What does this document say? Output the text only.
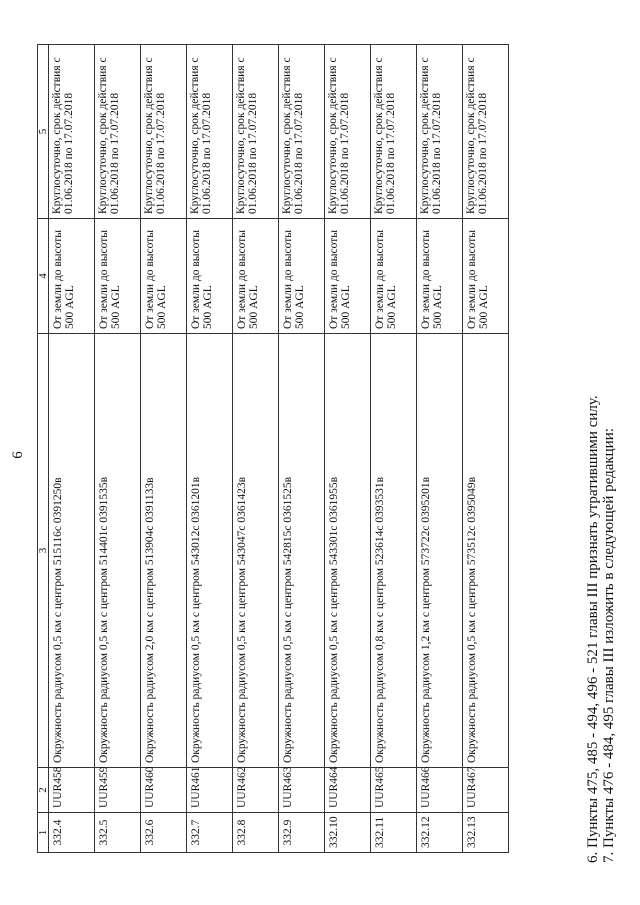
6
1	2	3	4	5
332.4	UUR458	Окружность радиусом 0,5 км с центром 515116с 0391250в	От земли до высоты 500 AGL	Круглосуточно, срок действия с 01.06.2018 по 17.07.2018
332.5	UUR459	Окружность радиусом 0,5 км с центром 514401с 0391535в	От земли до высоты 500 AGL	Круглосуточно, срок действия с 01.06.2018 по 17.07.2018
332.6	UUR460	Окружность радиусом 2,0 км с центром 513904с 0391133в	От земли до высоты 500 AGL	Круглосуточно, срок действия с 01.06.2018 по 17.07.2018
332.7	UUR461	Окружность радиусом 0,5 км с центром 543012с 0361201в	От земли до высоты 500 AGL	Круглосуточно, срок действия с 01.06.2018 по 17.07.2018
332.8	UUR462	Окружность радиусом 0,5 км с центром 543047с 0361423в	От земли до высоты 500 AGL	Круглосуточно, срок действия с 01.06.2018 по 17.07.2018
332.9	UUR463	Окружность радиусом 0,5 км с центром 542815с 0361525в	От земли до высоты 500 AGL	Круглосуточно, срок действия с 01.06.2018 по 17.07.2018
332.10	UUR464	Окружность радиусом 0,5 км с центром 543301с 0361955в	От земли до высоты 500 AGL	Круглосуточно, срок действия с 01.06.2018 по 17.07.2018
332.11	UUR465	Окружность радиусом 0,8 км с центром 523614с 0393531в	От земли до высоты 500 AGL	Круглосуточно, срок действия с 01.06.2018 по 17.07.2018
332.12	UUR466	Окружность радиусом 1,2 км с центром 573722с 0395201в	От земли до высоты 500 AGL	Круглосуточно, срок действия с 01.06.2018 по 17.07.2018
332.13	UUR467	Окружность радиусом 0,5 км с центром 573512с 0395049в	От земли до высоты 500 AGL	Круглосуточно, срок действия с 01.06.2018 по 17.07.2018
6. Пункты 475, 485 - 494, 496 - 521 главы III признать утратившими силу. 7. Пункты 476 - 484, 495 главы III изложить в следующей редакции:
